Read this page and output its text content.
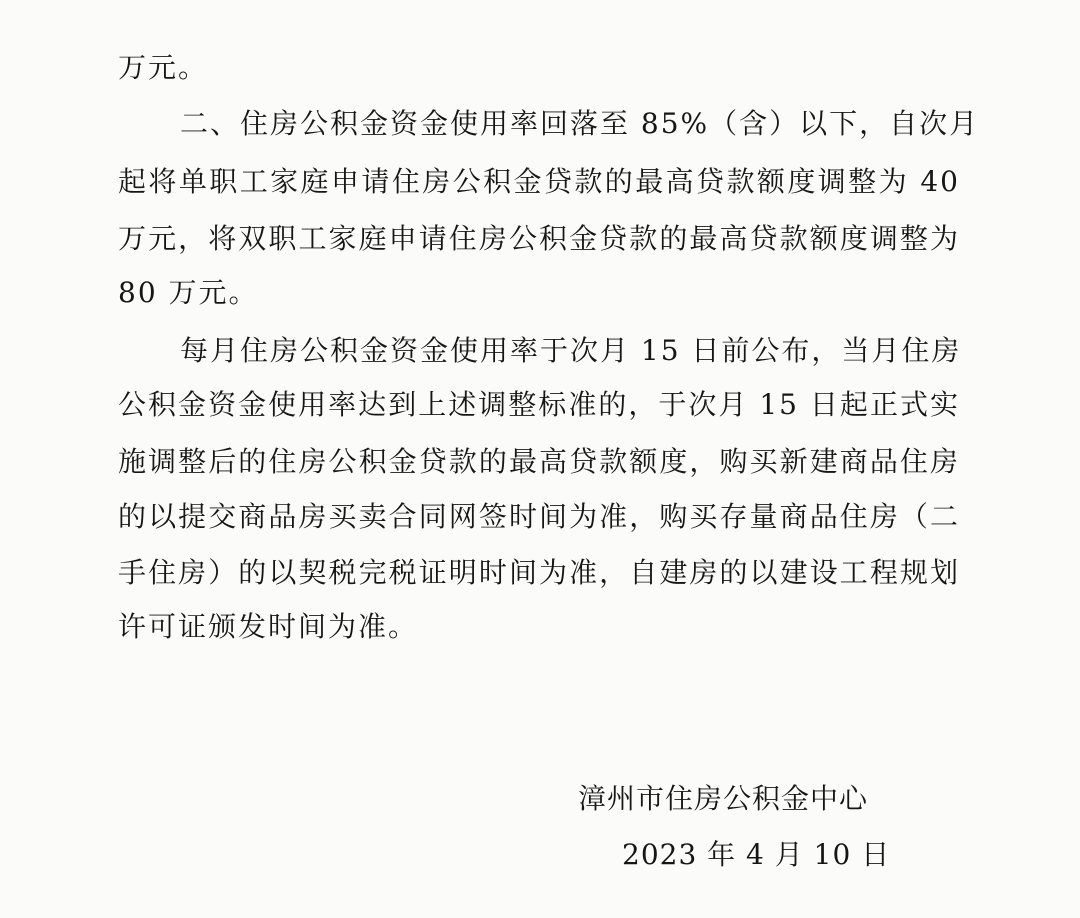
万元。
二、住房公积金资金使用率回落至 85%（含）以下，自次月
起将单职工家庭申请住房公积金贷款的最高贷款额度调整为 40
万元，将双职工家庭申请住房公积金贷款的最高贷款额度调整为
80 万元。
每月住房公积金资金使用率于次月 15 日前公布，当月住房
公积金资金使用率达到上述调整标准的，于次月 15 日起正式实
施调整后的住房公积金贷款的最高贷款额度，购买新建商品住房
的以提交商品房买卖合同网签时间为准，购买存量商品住房（二
手住房）的以契税完税证明时间为准，自建房的以建设工程规划
许可证颁发时间为准。
漳州市住房公积金中心
2023 年 4 月 10 日
